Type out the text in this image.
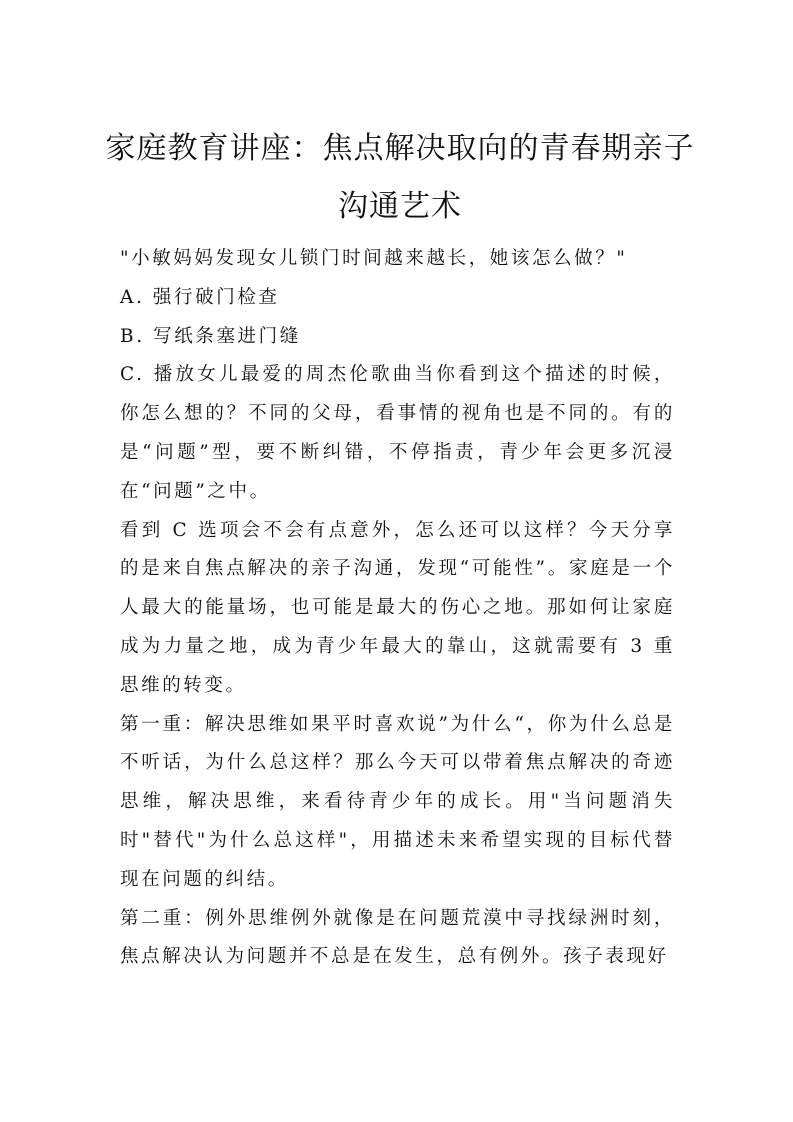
家庭教育讲座：焦点解决取向的青春期亲子
沟通艺术

"小敏妈妈发现女儿锁门时间越来越长，她该怎么做？"

A. 强行破门检查

B. 写纸条塞进门缝

C. 播放女儿最爱的周杰伦歌曲当你看到这个描述的时候，你怎么想的？不同的父母，看事情的视角也是不同的。有的是“问题”型，要不断纠错，不停指责，青少年会更多沉浸在“问题”之中。

看到 C 选项会不会有点意外，怎么还可以这样？今天分享的是来自焦点解决的亲子沟通，发现“可能性”。家庭是一个人最大的能量场，也可能是最大的伤心之地。那如何让家庭成为力量之地，成为青少年最大的靠山，这就需要有 3 重思维的转变。

第一重：解决思维如果平时喜欢说”为什么“，你为什么总是不听话，为什么总这样？那么今天可以带着焦点解决的奇迹思维，解决思维，来看待青少年的成长。用"当问题消失时"替代"为什么总这样"，用描述未来希望实现的目标代替现在问题的纠结。

第二重：例外思维例外就像是在问题荒漠中寻找绿洲时刻，焦点解决认为问题并不总是在发生，总有例外。孩子表现好
